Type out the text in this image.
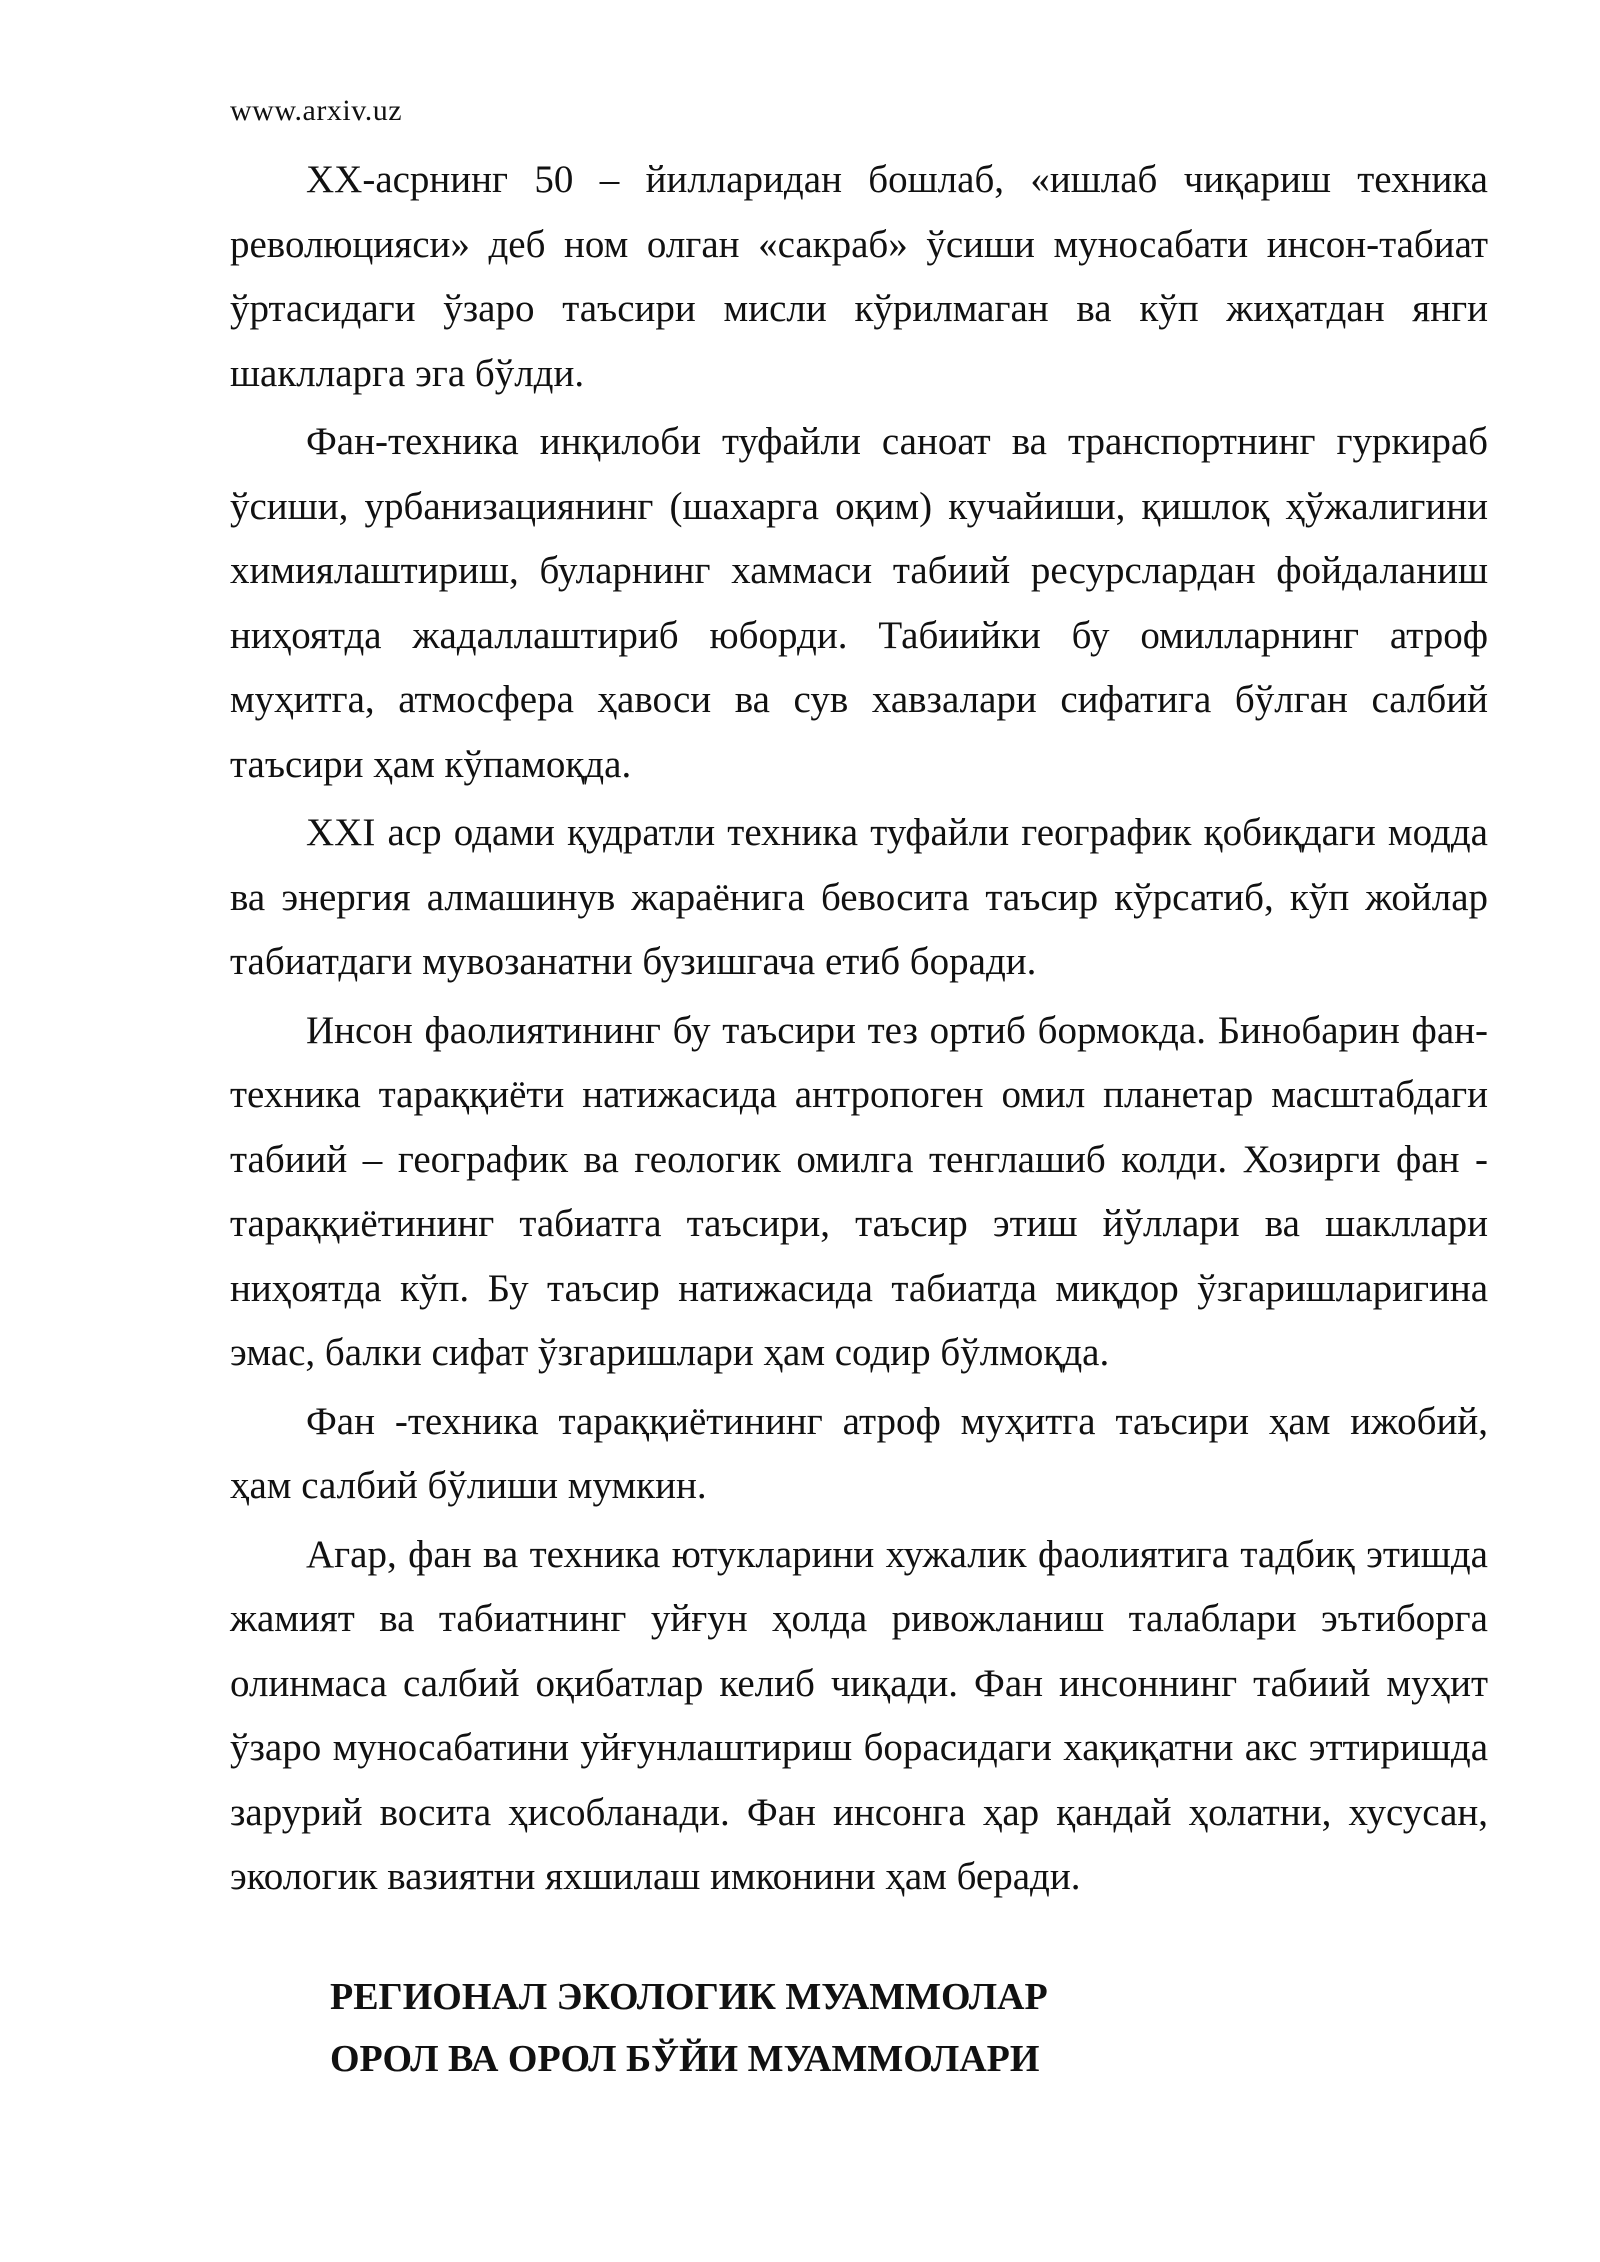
www.arxiv.uz

XX-асрнинг 50 – йилларидан бошлаб, «ишлаб чиқариш техника революцияси» деб ном олган «сакраб» ўсиши муносабати инсон-табиат ўртасидаги ўзаро таъсири мисли кўрилмаган ва кўп жиҳатдан янги шаклларга эга бўлди.

Фан-техника инқилоби туфайли саноат ва транспортнинг гуркираб ўсиши, урбанизациянинг (шахарга оқим) кучайиши, қишлоқ ҳўжалигини химиялаштириш, буларнинг хаммаси табиий ресурслардан фойдаланиш ниҳоятда жадаллаштириб юборди. Табиийки бу омилларнинг атроф муҳитга, атмосфера ҳавоси ва сув хавзалари сифатига бўлган салбий таъсири ҳам кўпамоқда.

XXI аср одами қудратли техника туфайли географик қобиқдаги модда ва энергия алмашинув жараёнига бевосита таъсир кўрсатиб, кўп жойлар табиатдаги мувозанатни бузишгача етиб боради.

Инсон фаолиятининг бу таъсири тез ортиб бормокда. Бинобарин фан-техника тараққиёти натижасида антропоген омил планетар масштабдаги табиий – географик ва геологик омилга тенглашиб колди. Хозирги фан - тараққиётининг табиатга таъсири, таъсир этиш йўллари ва шакллари ниҳоятда кўп. Бу таъсир натижасида табиатда миқдор ўзгаришларигина эмас, балки сифат ўзгаришлари ҳам содир бўлмоқда.

Фан -техника тараққиётининг атроф муҳитга таъсири ҳам ижобий, ҳам салбий бўлиши мумкин.

Агар, фан ва техника ютукларини хужалик фаолиятига тадбиқ этишда жамият ва табиатнинг уйғун ҳолда ривожланиш талаблари эътиборга олинмаса салбий оқибатлар келиб чиқади. Фан инсоннинг табиий муҳит ўзаро муносабатини уйғунлаштириш борасидаги хақиқатни акс эттиришда зарурий восита ҳисобланади. Фан инсонга ҳар қандай ҳолатни, хусусан, экологик вазиятни яхшилаш имконини ҳам беради.

РЕГИОНАЛ ЭКОЛОГИК МУАММОЛАР

ОРОЛ ВА ОРОЛ БЎЙИ МУАММОЛАРИ
